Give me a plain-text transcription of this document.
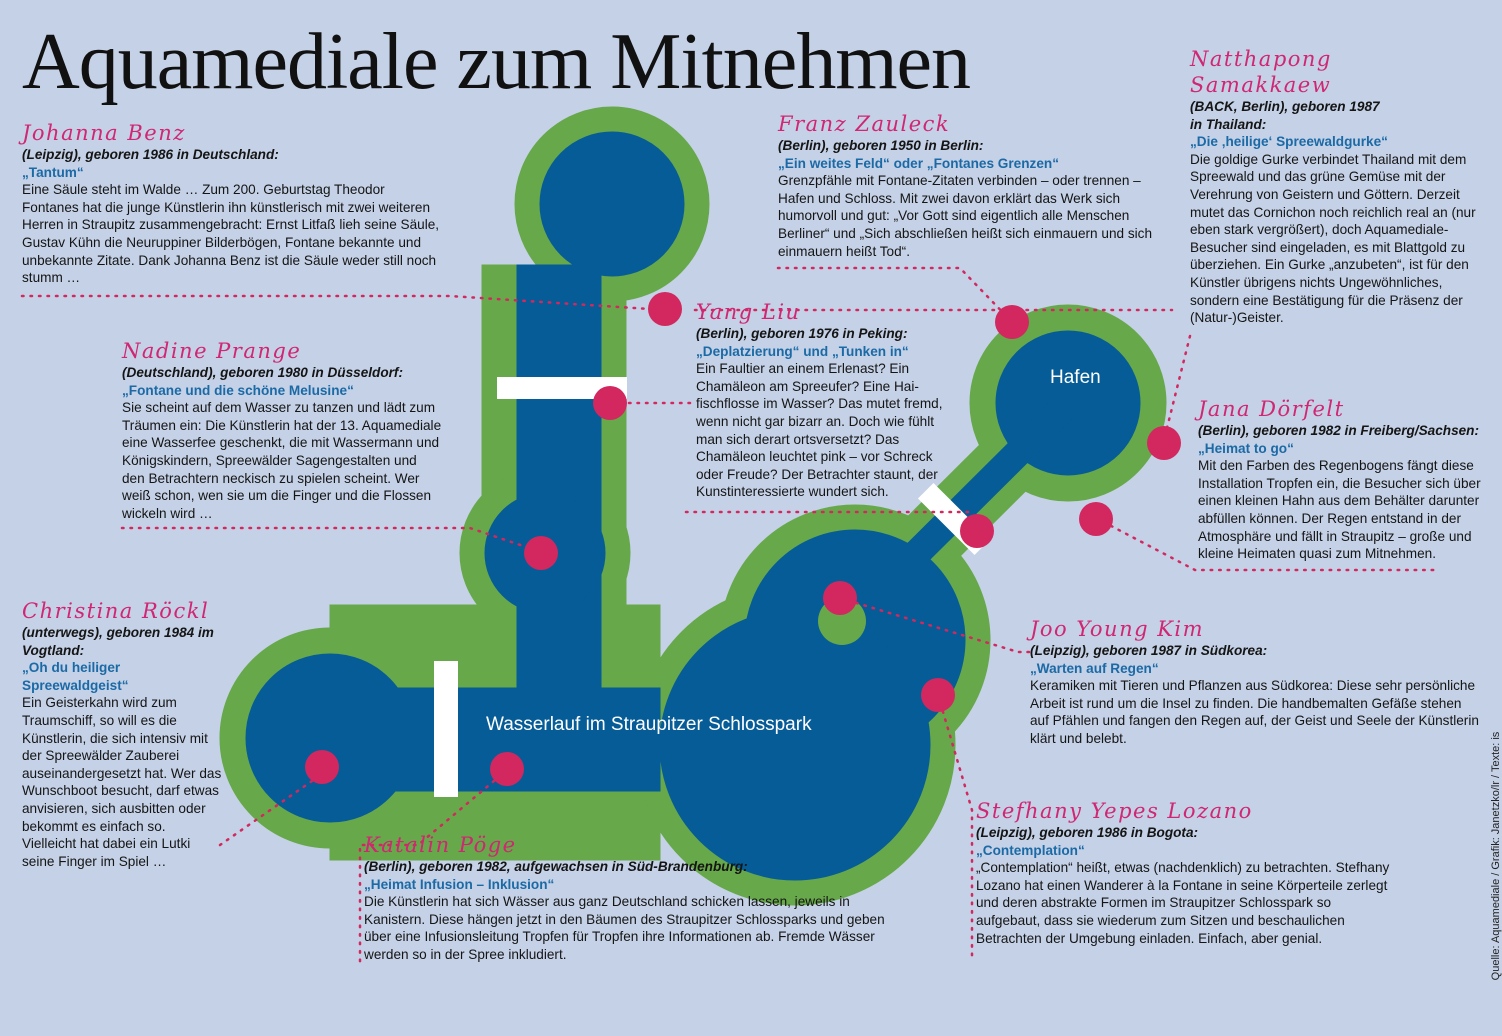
Aquamediale zum Mitnehmen
Hafen
Wasserlauf im Straupitzer Schlosspark
Johanna Benz
(Leipzig), geboren 1986 in Deutschland:
„Tantum“

Eine Säule steht im Walde … Zum 200. Geburtstag Theodor Fontanes hat die junge Künstlerin ihn künstlerisch mit zwei weiteren Herren in Straupitz zusammengebracht: Ernst Litfaß lieh seine Säule, Gustav Kühn die Neuruppiner Bilderbögen, Fontane bekannte und unbekannte Zitate. Dank Johanna Benz ist die Säule weder still noch stumm …

Franz Zauleck
(Berlin), geboren 1950 in Berlin:
„Ein weites Feld“ oder „Fontanes Grenzen“

Grenzpfähle mit Fontane-Zitaten verbinden – oder trennen – Hafen und Schloss. Mit zwei davon erklärt das Werk sich humorvoll und gut: „Vor Gott sind eigentlich alle Menschen Berliner“ und „Sich abschließen heißt sich einmauern und sich einmauern heißt Tod“.

Natthapong Samakkaew
(BACK, Berlin), geboren 1987 in Thailand:
„Die ‚heilige‘ Spreewaldgurke“

Die goldige Gurke verbindet Thailand mit dem Spreewald und das grüne Gemüse mit der Verehrung von Geistern und Göttern. Derzeit mutet das Cornichon noch reichlich real an (nur eben stark vergrößert), doch Aquamediale-Besucher sind eingeladen, es mit Blattgold zu überziehen. Ein Gurke „anzubeten“, ist für den Künstler übrigens nichts Ungewöhnliches, sondern eine Bestätigung für die Präsenz der (Natur-)Geister.

Nadine Prange
(Deutschland), geboren 1980 in Düsseldorf:
„Fontane und die schöne Melusine“

Sie scheint auf dem Wasser zu tanzen und lädt zum Träumen ein: Die Künstlerin hat der 13. Aquamediale eine Wasserfee geschenkt, die mit Wassermann und Königskindern, Spreewälder Sagengestalten und den Betrachtern neckisch zu spielen scheint. Wer weiß schon, wen sie um die Finger und die Flossen wickeln wird …

Yang Liu
(Berlin), geboren 1976 in Peking:
„Deplatzierung“ und „Tunken in“

Ein Faultier an einem Erlenast? Ein Chamäleon am Spreeufer? Eine Hai-fischflosse im Wasser? Das mutet fremd, wenn nicht gar bizarr an. Doch wie fühlt man sich derart ortsversetzt? Das Chamäleon leuchtet pink – vor Schreck oder Freude? Der Betrachter staunt, der Kunstinteressierte wundert sich.

Jana Dörfelt
(Berlin), geboren 1982 in Freiberg/Sachsen:
„Heimat to go“

Mit den Farben des Regenbogens fängt diese Installation Tropfen ein, die Besucher sich über einen kleinen Hahn aus dem Behälter darunter abfüllen können. Der Regen entstand in der Atmosphäre und fällt in Straupitz – große und kleine Heimaten quasi zum Mitnehmen.

Christina Röckl
(unterwegs), geboren 1984 im Vogtland:
„Oh du heiliger Spreewaldgeist“

Ein Geisterkahn wird zum Traumschiff, so will es die Künstlerin, die sich intensiv mit der Spreewälder Zauberei auseinandergesetzt hat. Wer das Wunschboot besucht, darf etwas anvisieren, sich ausbitten oder bekommt es einfach so. Vielleicht hat dabei ein Lutki seine Finger im Spiel …

Joo Young Kim
(Leipzig), geboren 1987 in Südkorea:
„Warten auf Regen“

Keramiken mit Tieren und Pflanzen aus Südkorea: Diese sehr persönliche Arbeit ist rund um die Insel zu finden. Die handbemalten Gefäße stehen auf Pfählen und fangen den Regen auf, der Geist und Seele der Künstlerin klärt und belebt.

Katalin Pöge
(Berlin), geboren 1982, aufgewachsen in Süd-Brandenburg:
„Heimat Infusion – Inklusion“

Die Künstlerin hat sich Wässer aus ganz Deutschland schicken lassen, jeweils in Kanistern. Diese hängen jetzt in den Bäumen des Straupitzer Schlossparks und geben über eine Infusionsleitung Tropfen für Tropfen ihre Informationen ab. Fremde Wässer werden so in der Spree inkludiert.

Stefhany Yepes Lozano
(Leipzig), geboren 1986 in Bogota:
„Contemplation“

„Contemplation“ heißt, etwas (nachdenklich) zu betrachten. Stefhany Lozano hat einen Wanderer à la Fontane in seine Körperteile zerlegt und deren abstrakte Formen im Straupitzer Schlosspark so aufgebaut, dass sie wiederum zum Sitzen und beschaulichen Betrachten der Umgebung einladen. Einfach, aber genial.	Quelle: Aquamediale / Grafik: Janetzko/lr / Texte: is
